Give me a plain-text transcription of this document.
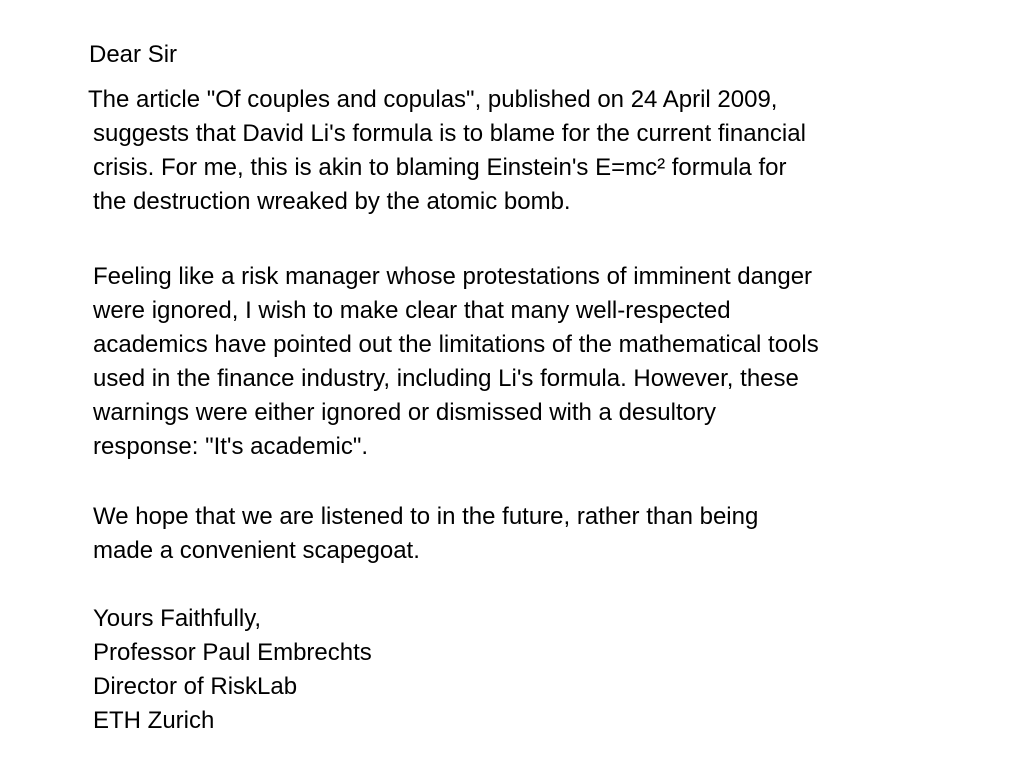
Dear Sir
The article "Of couples and copulas", published on 24 April 2009,
suggests that David Li's formula is to blame for the current financial
crisis. For me, this is akin to blaming Einstein's E=mc² formula for
the destruction wreaked by the atomic bomb.
Feeling like a risk manager whose protestations of imminent danger
were ignored, I wish to make clear that many well-respected
academics have pointed out the limitations of the mathematical tools
used in the finance industry, including Li's formula. However, these
warnings were either ignored or dismissed with a desultory
response: "It's academic".
We hope that we are listened to in the future, rather than being
made a convenient scapegoat.
Yours Faithfully,
Professor Paul Embrechts
Director of RiskLab
ETH Zurich
